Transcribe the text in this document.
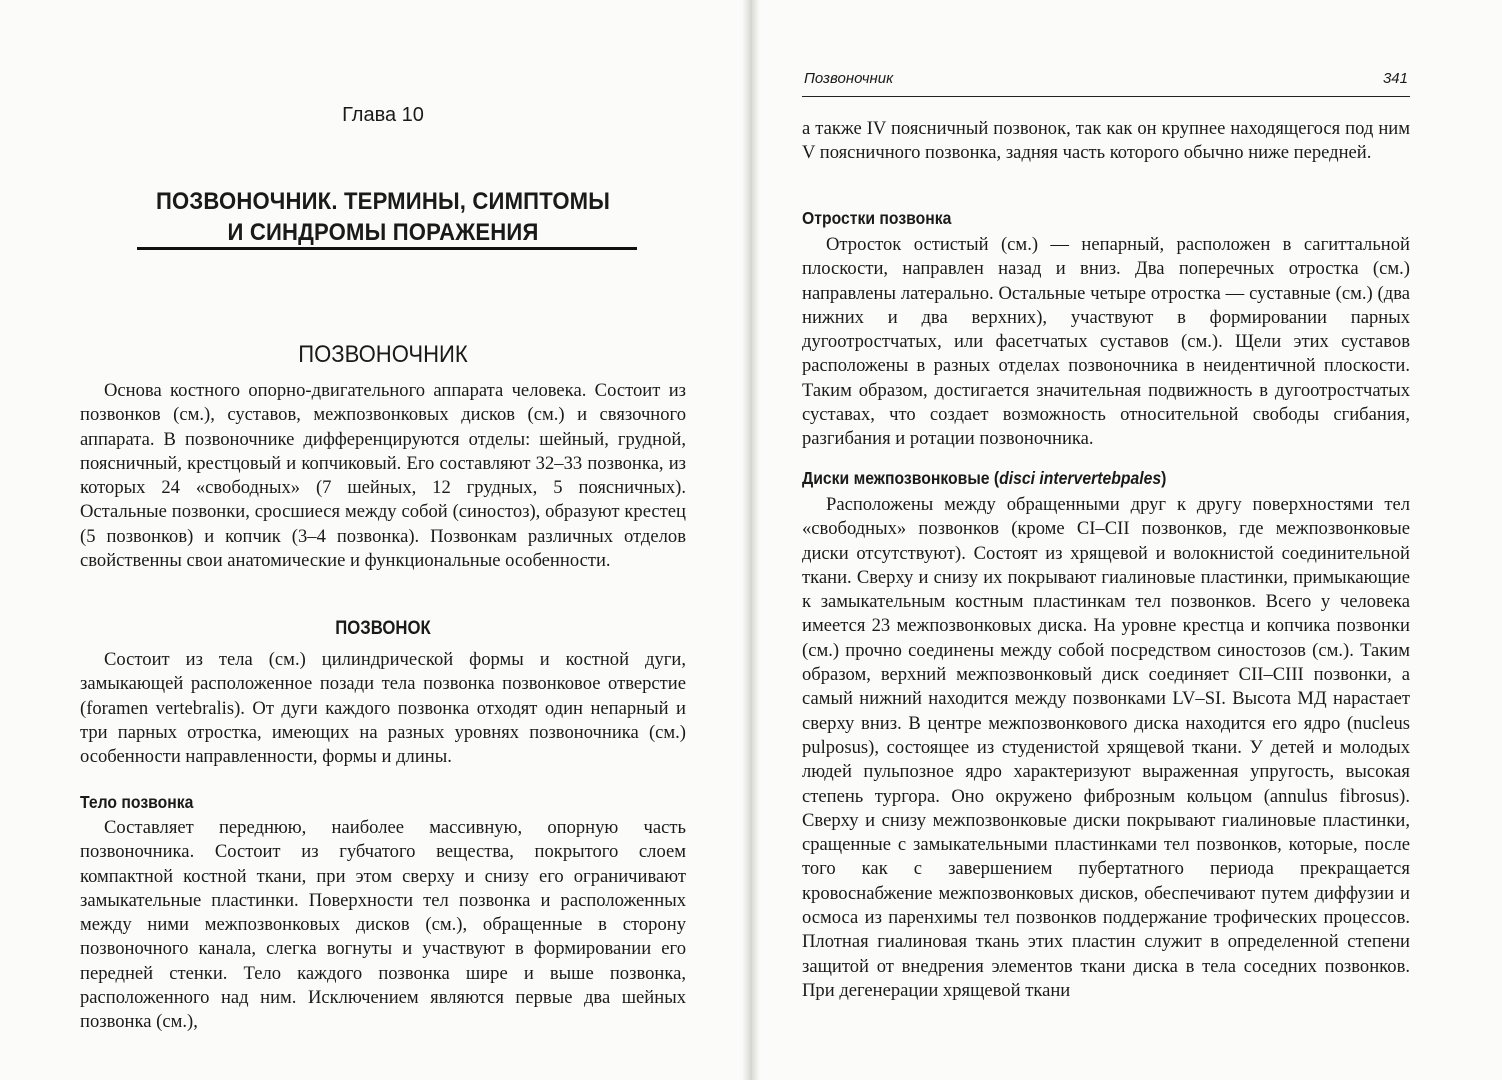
Глава 10
ПОЗВОНОЧНИК. ТЕРМИНЫ, СИМПТОМЫ
И СИНДРОМЫ ПОРАЖЕНИЯ
ПОЗВОНОЧНИК

Основа костного опорно-двигательного аппарата человека. Состоит из позвонков (см.), суставов, межпозвонковых дисков (см.) и связочного аппарата. В позвоночнике дифференцируются отделы: шейный, грудной, поясничный, крестцовый и копчиковый. Его составляют 32–33 позвонка, из которых 24 «свободных» (7 шейных, 12 грудных, 5 поясничных). Остальные позвонки, сросшиеся между собой (синостоз), образуют крестец (5 позвонков) и копчик (3–4 позвонка). Позвонкам различных отделов свойственны свои анатомические и функциональные особенности.

Состоит из тела (см.) цилиндрической формы и костной дуги, замыкающей расположенное позади тела позвонка позвонковое отверстие (foramen vertebralis). От дуги каждого позвонка отходят один непарный и три парных отростка, имеющих на разных уровнях позвоночника (см.) особенности направленности, формы и длины.

Тело позвонка

Составляет переднюю, наиболее массивную, опорную часть позвоночника. Состоит из губчатого вещества, покрытого слоем компактной костной ткани, при этом сверху и снизу его ограничивают замыкательные пластинки. Поверхности тел позвонка и расположенных между ними межпозвонковых дисков (см.), обращенные в сторону позвоночного канала, слегка вогнуты и участвуют в формировании его передней стенки. Тело каждого позвонка шире и выше позвонка, расположенного над ним. Исключением являются первые два шейных позвонка (см.),

ПОЗВОНОК
Позвоночник	341

а также IV поясничный позвонок, так как он крупнее находящегося под ним V поясничного позвонка, задняя часть которого обычно ниже передней.

Отростки позвонка

Отросток остистый (см.) — непарный, расположен в сагиттальной плоскости, направлен назад и вниз. Два поперечных отростка (см.) направлены латерально. Остальные четыре отростка — суставные (см.) (два нижних и два верхних), участвуют в формировании парных дугоотростчатых, или фасетчатых суставов (см.). Щели этих суставов расположены в разных отделах позвоночника в неидентичной плоскости. Таким образом, достигается значительная подвижность в дугоотростчатых суставах, что создает возможность относительной свободы сгибания, разгибания и ротации позвоночника.

Диски межпозвонковые (disci intervertebpales)

Расположены между обращенными друг к другу поверхностями тел «свободных» позвонков (кроме CI–CII позвонков, где межпозвонковые диски отсутствуют). Состоят из хрящевой и волокнистой соединительной ткани. Сверху и снизу их покрывают гиалиновые пластинки, примыкающие к замыкательным костным пластинкам тел позвонков. Всего у человека имеется 23 межпозвонковых диска. На уровне крестца и копчика позвонки (см.) прочно соединены между собой посредством синостозов (см.). Таким образом, верхний межпозвонковый диск соединяет CII–CIII позвонки, а самый нижний находится между позвонками LV–SI. Высота МД нарастает сверху вниз. В центре межпозвонкового диска находится его ядро (nucleus pulposus), состоящее из студенистой хрящевой ткани. У детей и молодых людей пульпозное ядро характеризуют выраженная упругость, высокая степень тургора. Оно окружено фиброзным кольцом (annulus fibrosus). Сверху и снизу межпозвонковые диски покрывают гиалиновые пластинки, сращенные с замыкательными пластинками тел позвонков, которые, после того как с завершением пубертатного периода прекращается кровоснабжение межпозвонковых дисков, обеспечивают путем диффузии и осмоса из паренхимы тел позвонков поддержание трофических процессов. Плотная гиалиновая ткань этих пластин служит в определенной степени защитой от внедрения элементов ткани диска в тела соседних позвонков. При дегенерации хрящевой ткани
